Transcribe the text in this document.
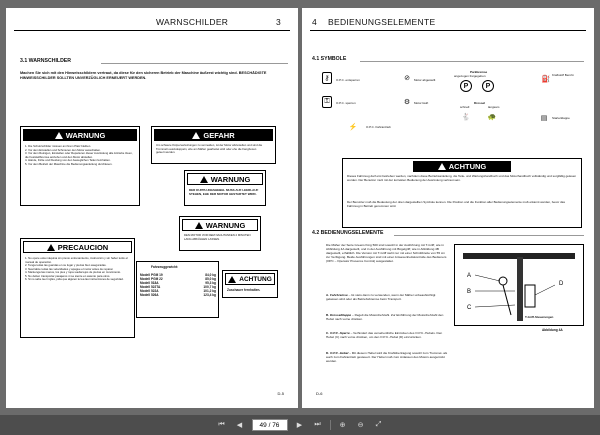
WARNSCHILDER	3
3.1 WARNSCHILDER
Machen Sie sich mit den Hinweisschildern vertraut, da diese für den sicheren Betrieb der Maschine äußerst wichtig sind. BESCHÄDIGTE HINWEISSCHILDER SOLLTEN UNVERZÜGLICH ERNEUERT WERDEN.
WARNUNG
1. Die Schutzschilder müssen an ihrem Platz bleiben.
2. Vor dem Einstellen und Schmieren den Motor ausschalten.
3. Vor dem Reinigen, Einstellen oder Reparieren dieser Ausrüstung alle Antriebe lösen, die Feststellbremse anziehen und den Motor abstellen.
4. Hände, Füße und Kleidung von den beweglichen Teilen fernhalten.
5. Vor dem Betrieb der Maschine die Bedienungsanleitung durchlesen.
GEFAHR
Um schwere Körperverletzungen zu vermeiden, ist der Motor abzustellen und sind die Trommeln auszukuppeln, ehe am Mäher gearbeitet wird oder ehe die Fangboxen geleert werden.
WARNUNG
DER KUPPLUNGSHEBEL MUSS AUF LEERLAUF STEHEN, EHE DER MOTOR GESTARTET WIRD.
WARNUNG
DEN MOTOR VOR DEM NACHTANKEN 2 MINUTEN LANG ABKÜHLEN LASSEN.
PRECAUCION
1. No opere esta máquina sin previo entrenamiento, instrucción y sin haber leído el manual de operación.
2. Tenga todas las guardas en su lugar y piezas bien aseguradas.
3. Neutralice todas las velocidades y apague el motor antes de reparar.
4. Mantenga las manos, los pies y ropa suelta lejos de piezas en movimiento.
5. No deben transportar pasajeros ni se siente en asiento para otros.
6. Si no sabe leer inglés, pida que alguien le lea las instrucciones de seguridad.
Fahrzeuggewicht:
Modell PGM 19	84,0 kg
Modell PGM 22	85,0 kg
Modell 518A	95,3 kg
Modell 522TA	100,7 kg
Modell 522A	101,2 kg
Modell 526A	123,4 kg
ACHTUNG
Zuschauer fernhalten.
D-5
4 BEDIENUNGSELEMENTE
4.1 SYMBOLE
⚷	O.P.C. entsperren	⊘	Motor abgestellt
Parkbremse
angezogen freigegeben
P	P
⛽
Kraftstoff Benzin
⚿	O.P.C. sperren	⚙	Motor läuft	Drossel
schnell	langsam
🐇 🐢	▤ Starterklappe
⚡	O.P.C. Fahrantrieb
ACHTUNG
Dieses Fahrzeug darf erst betrieben werden, nachdem diese Betriebsanleitung, die Teile- und Wartungshandbuch und das Motorhandbuch vollständig und sorgfältig gelesen wurden. Der Benutzer muß mit der korrekten Bedienung der Ausrüstung vertraut sein.
Der Benutzer muß die Bedeutung der oben dargestellten Symbole kennen. Die Position und die Funktion aller Bedienungselemente muß erkannt werden, bevor das Fahrzeug in Betrieb genommen wird.
4.2 BEDIENUNGSELEMENTE
Die Mäher der Serie Greens King 500 sind sowohl in der Ausführung mit T-Griff, wie in Abbildung 4A dargestellt, und in der Ausführung mit Bügelgriff, wie in Abbildung 4B dargestellt, erhältlich. Die Version mit T-Griff steht nur mit einer Schnittbreite von 55 cm zur Verfügung. Beide Ausführungen sind mit einer Anwesenheitskontrolle des Bedieners (OPC – Operator Presence Control) ausgestattet.
A. Fahrbremse – Ist stets dann zu verwenden, wenn der Mäher unbeaufsichtigt gelassen wird oder als Betriebsbremse beim Transport.
B. Drosselklappe – Regelt die Motordrehzahl. Zur Einführung der Motordrehzahl den Hebel nach vorne drücken.
C. O.P.C.-Sperre – Verhindert das versehentliche Einrücken des O.P.C.-Hebels. Den Hebel (C) nach vorne drücken, um den O.P.C.-Hebel (D) einzurücken.
D. O.P.C.-Hebel – Mit diesem Hebel wird die Kraftübertragung sowohl zum Trommel- als auch zum Fahrantrieb gesteuert. Der Hebel muß zum Anlassen des Motors ausgerückt werden.
A
B
C
D
T-Griff-Steuerungen
Abbildung 4A
D-6
⏮	◀	49 / 76	▶	⏭	⊕	⊖	⤢
